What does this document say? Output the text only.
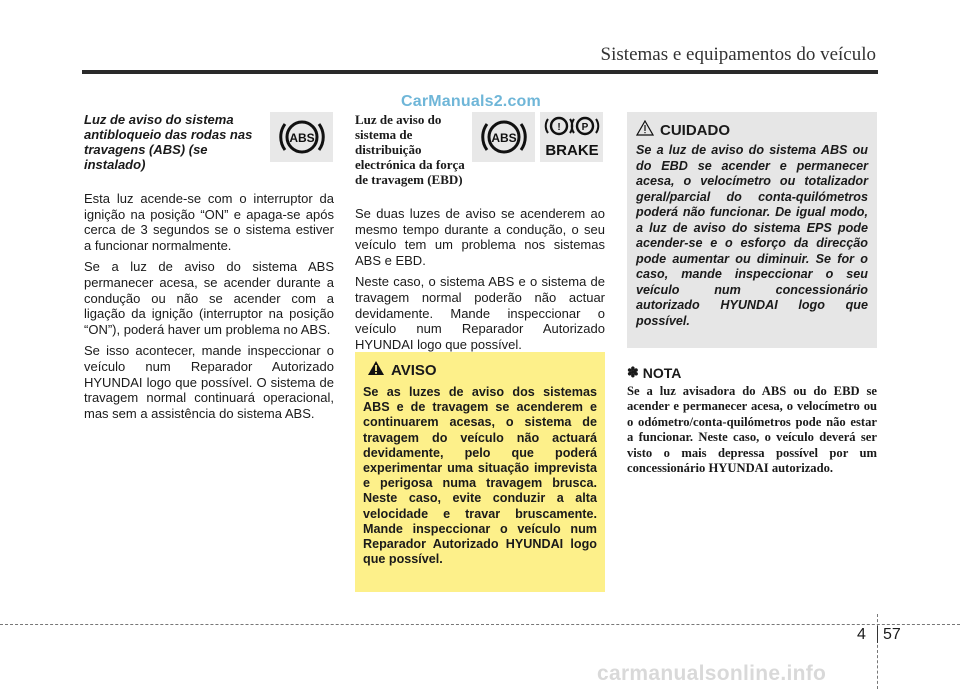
Sistemas e equipamentos do veículo
CarManuals2.com
Luz de aviso do sistema antibloqueio das rodas nas travagens (ABS) (se instalado)
ABS

Esta luz acende-se com o interruptor da ignição na posição “ON” e apaga-se após cerca de 3 segundos se o sistema estiver a funcionar normalmente.

Se a luz de aviso do sistema ABS permanecer acesa, se acender durante a condução ou não se acender com a ligação da ignição (interruptor na posição “ON”), poderá haver um problema no ABS.

Se isso acontecer, mande inspeccionar o veículo num Reparador Autorizado HYUNDAI logo que possível. O sistema de travagem normal continuará operacional, mas sem a assistência do sistema ABS.

Luz de aviso do sistema de distribuição electrónica da força de travagem (EBD)
ABS
! P
BRAKE

Se duas luzes de aviso se acenderem ao mesmo tempo durante a condução, o seu veículo tem um problema nos sistemas ABS e EBD.

Neste caso, o sistema ABS e o sistema de travagem normal poderão não actuar devidamente. Mande inspeccionar o veículo num Reparador Autorizado HYUNDAI logo que possível.

AVISO
Se as luzes de aviso dos sistemas ABS e de travagem se acenderem e continuarem acesas, o sistema de travagem do veículo não actuará devidamente, pelo que poderá experimentar uma situação imprevista e perigosa numa travagem brusca. Neste caso, evite conduzir a alta velocidade e travar bruscamente. Mande inspeccionar o veículo num Reparador Autorizado HYUNDAI logo que possível.
CUIDADO
Se a luz de aviso do sistema ABS ou do EBD se acender e permanecer acesa, o velocímetro ou totalizador geral/parcial do conta-quilómetros poderá não funcionar. De igual modo, a luz de aviso do sistema EPS pode acender-se e o esforço da direcção pode aumentar ou diminuir. Se for o caso, mande inspeccionar o seu veículo num concessionário autorizado HYUNDAI logo que possível.
✽ NOTA
Se a luz avisadora do ABS ou do EBD se acender e permanecer acesa, o velocímetro ou o odómetro/conta-quilómetros pode não estar a funcionar. Neste caso, o veículo deverá ser visto o mais depressa possível por um concessionário HYUNDAI autorizado.
4 57
carmanualsonline.info
